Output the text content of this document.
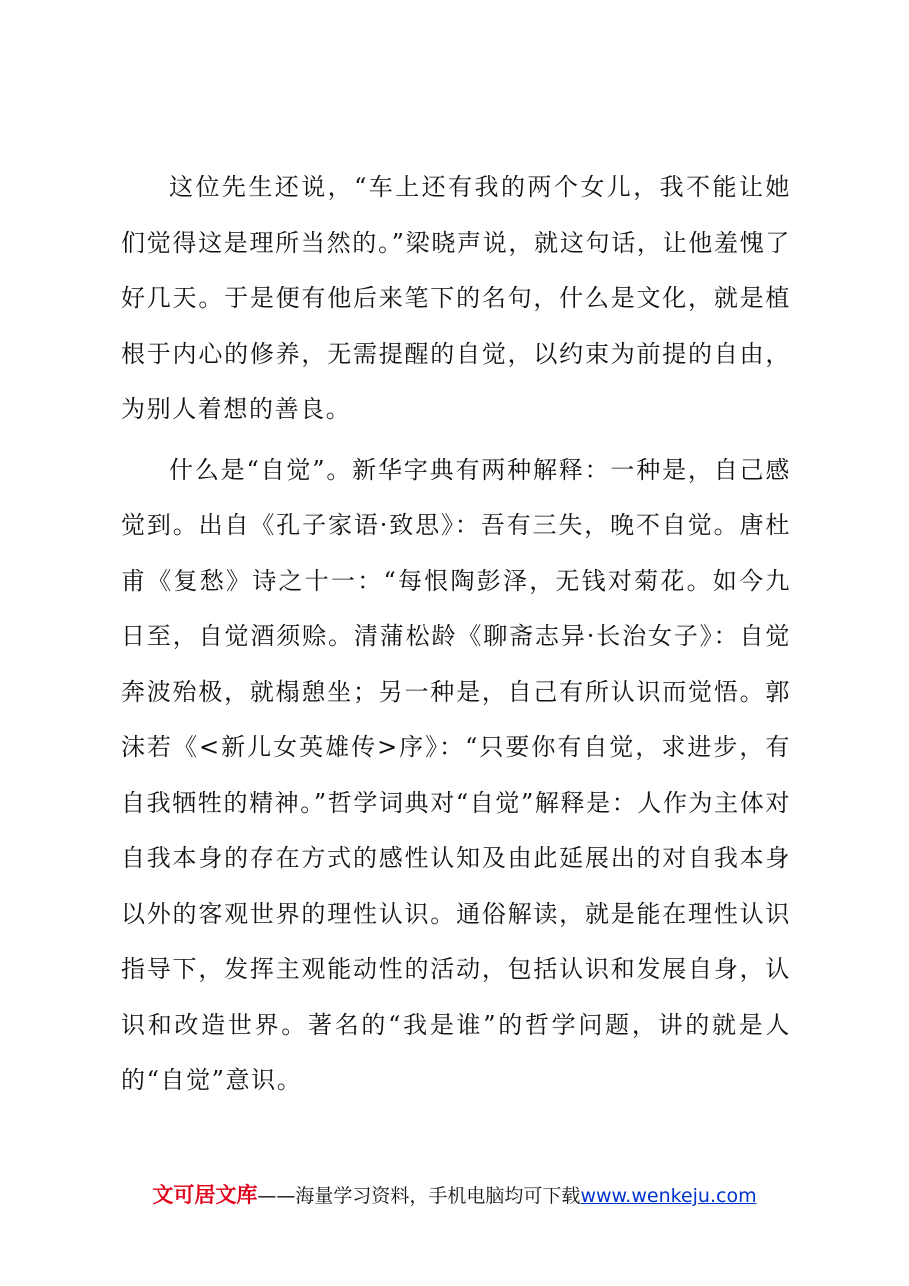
这位先生还说，“车上还有我的两个女儿，我不能让她们觉得这是理所当然的。”梁晓声说，就这句话，让他羞愧了好几天。于是便有他后来笔下的名句，什么是文化，就是植根于内心的修养，无需提醒的自觉，以约束为前提的自由，为别人着想的善良。

什么是“自觉”。新华字典有两种解释：一种是，自己感觉到。出自《孔子家语·致思》：吾有三失，晚不自觉。唐杜甫《复愁》诗之十一：“每恨陶彭泽，无钱对菊花。如今九日至，自觉酒须赊。清蒲松龄《聊斋志异·长治女子》：自觉奔波殆极，就榻憩坐；另一种是，自己有所认识而觉悟。郭沫若《<新儿女英雄传>序》：“只要你有自觉，求进步，有自我牺牲的精神。”哲学词典对“自觉”解释是：人作为主体对自我本身的存在方式的感性认知及由此延展出的对自我本身以外的客观世界的理性认识。通俗解读，就是能在理性认识指导下，发挥主观能动性的活动，包括认识和发展自身，认识和改造世界。著名的“我是谁”的哲学问题，讲的就是人的“自觉”意识。

文可居文库——海量学习资料，手机电脑均可下载www.wenkeju.com
